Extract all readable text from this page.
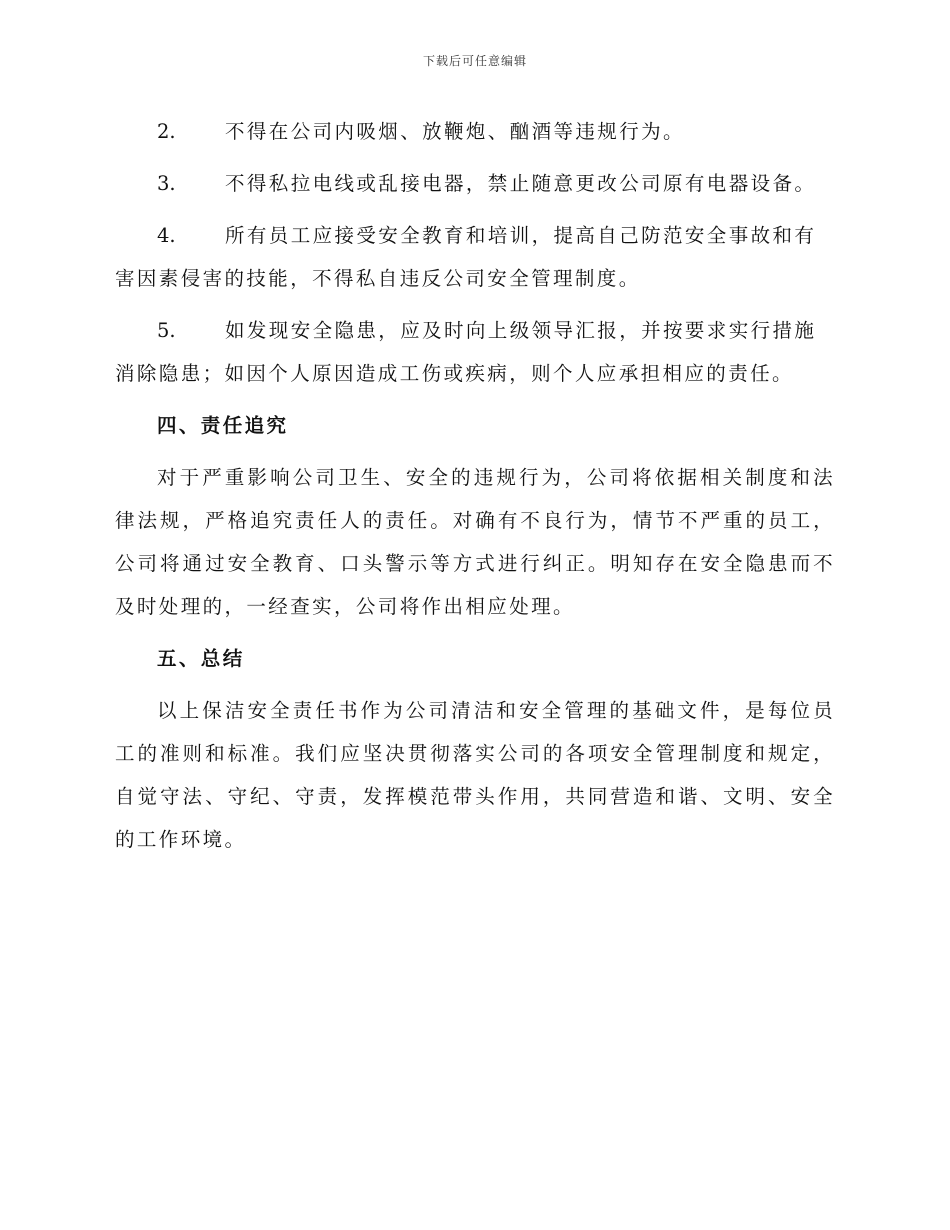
下载后可任意编辑

2.	不得在公司内吸烟、放鞭炮、酗酒等违规行为。

3.	不得私拉电线或乱接电器，禁止随意更改公司原有电器设备。

4.	所有员工应接受安全教育和培训，提高自己防范安全事故和有害因素侵害的技能，不得私自违反公司安全管理制度。

5.	如发现安全隐患，应及时向上级领导汇报，并按要求实行措施消除隐患；如因个人原因造成工伤或疾病，则个人应承担相应的责任。

四、责任追究

对于严重影响公司卫生、安全的违规行为，公司将依据相关制度和法律法规，严格追究责任人的责任。对确有不良行为，情节不严重的员工，公司将通过安全教育、口头警示等方式进行纠正。明知存在安全隐患而不及时处理的，一经查实，公司将作出相应处理。

五、总结

以上保洁安全责任书作为公司清洁和安全管理的基础文件，是每位员工的准则和标准。我们应坚决贯彻落实公司的各项安全管理制度和规定，自觉守法、守纪、守责，发挥模范带头作用，共同营造和谐、文明、安全的工作环境。
